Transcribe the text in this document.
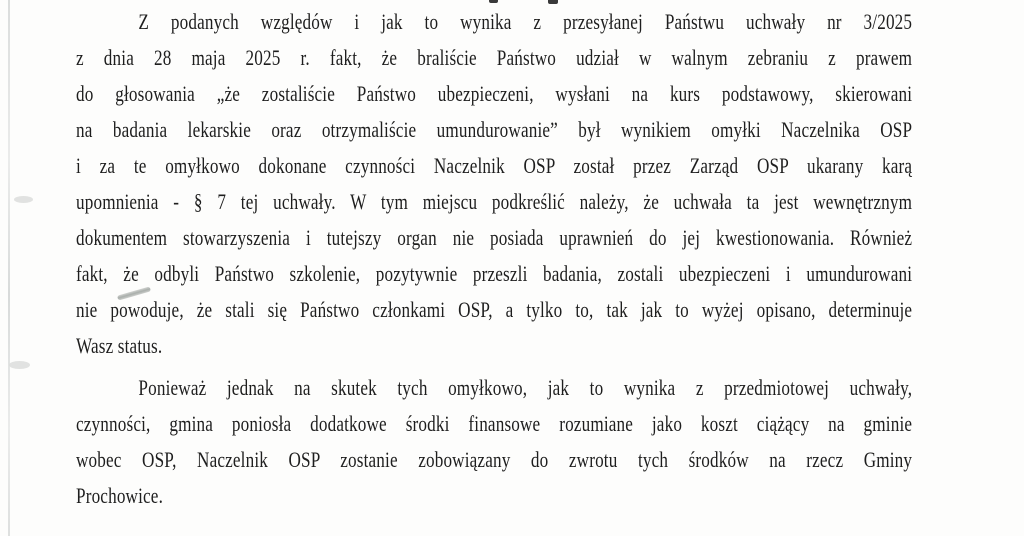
Z podanych względów i jak to wynika z przesyłanej Państwu uchwały nr 3/2025
z dnia 28 maja 2025 r. fakt, że braliście Państwo udział w walnym zebraniu z prawem
do głosowania „że zostaliście Państwo ubezpieczeni, wysłani na kurs podstawowy, skierowani
na badania lekarskie oraz otrzymaliście umundurowanie” był wynikiem omyłki Naczelnika OSP
i za te omyłkowo dokonane czynności Naczelnik OSP został przez Zarząd OSP ukarany karą
upomnienia - § 7 tej uchwały. W tym miejscu podkreślić należy, że uchwała ta jest wewnętrznym
dokumentem stowarzyszenia i tutejszy organ nie posiada uprawnień do jej kwestionowania. Również
fakt, że odbyli Państwo szkolenie, pozytywnie przeszli badania, zostali ubezpieczeni i umundurowani
nie powoduje, że stali się Państwo członkami OSP, a tylko to, tak jak to wyżej opisano, determinuje
Wasz status.
Ponieważ jednak na skutek tych omyłkowo, jak to wynika z przedmiotowej uchwały,
czynności, gmina poniosła dodatkowe środki finansowe rozumiane jako koszt ciążący na gminie
wobec OSP, Naczelnik OSP zostanie zobowiązany do zwrotu tych środków na rzecz Gminy
Prochowice.
